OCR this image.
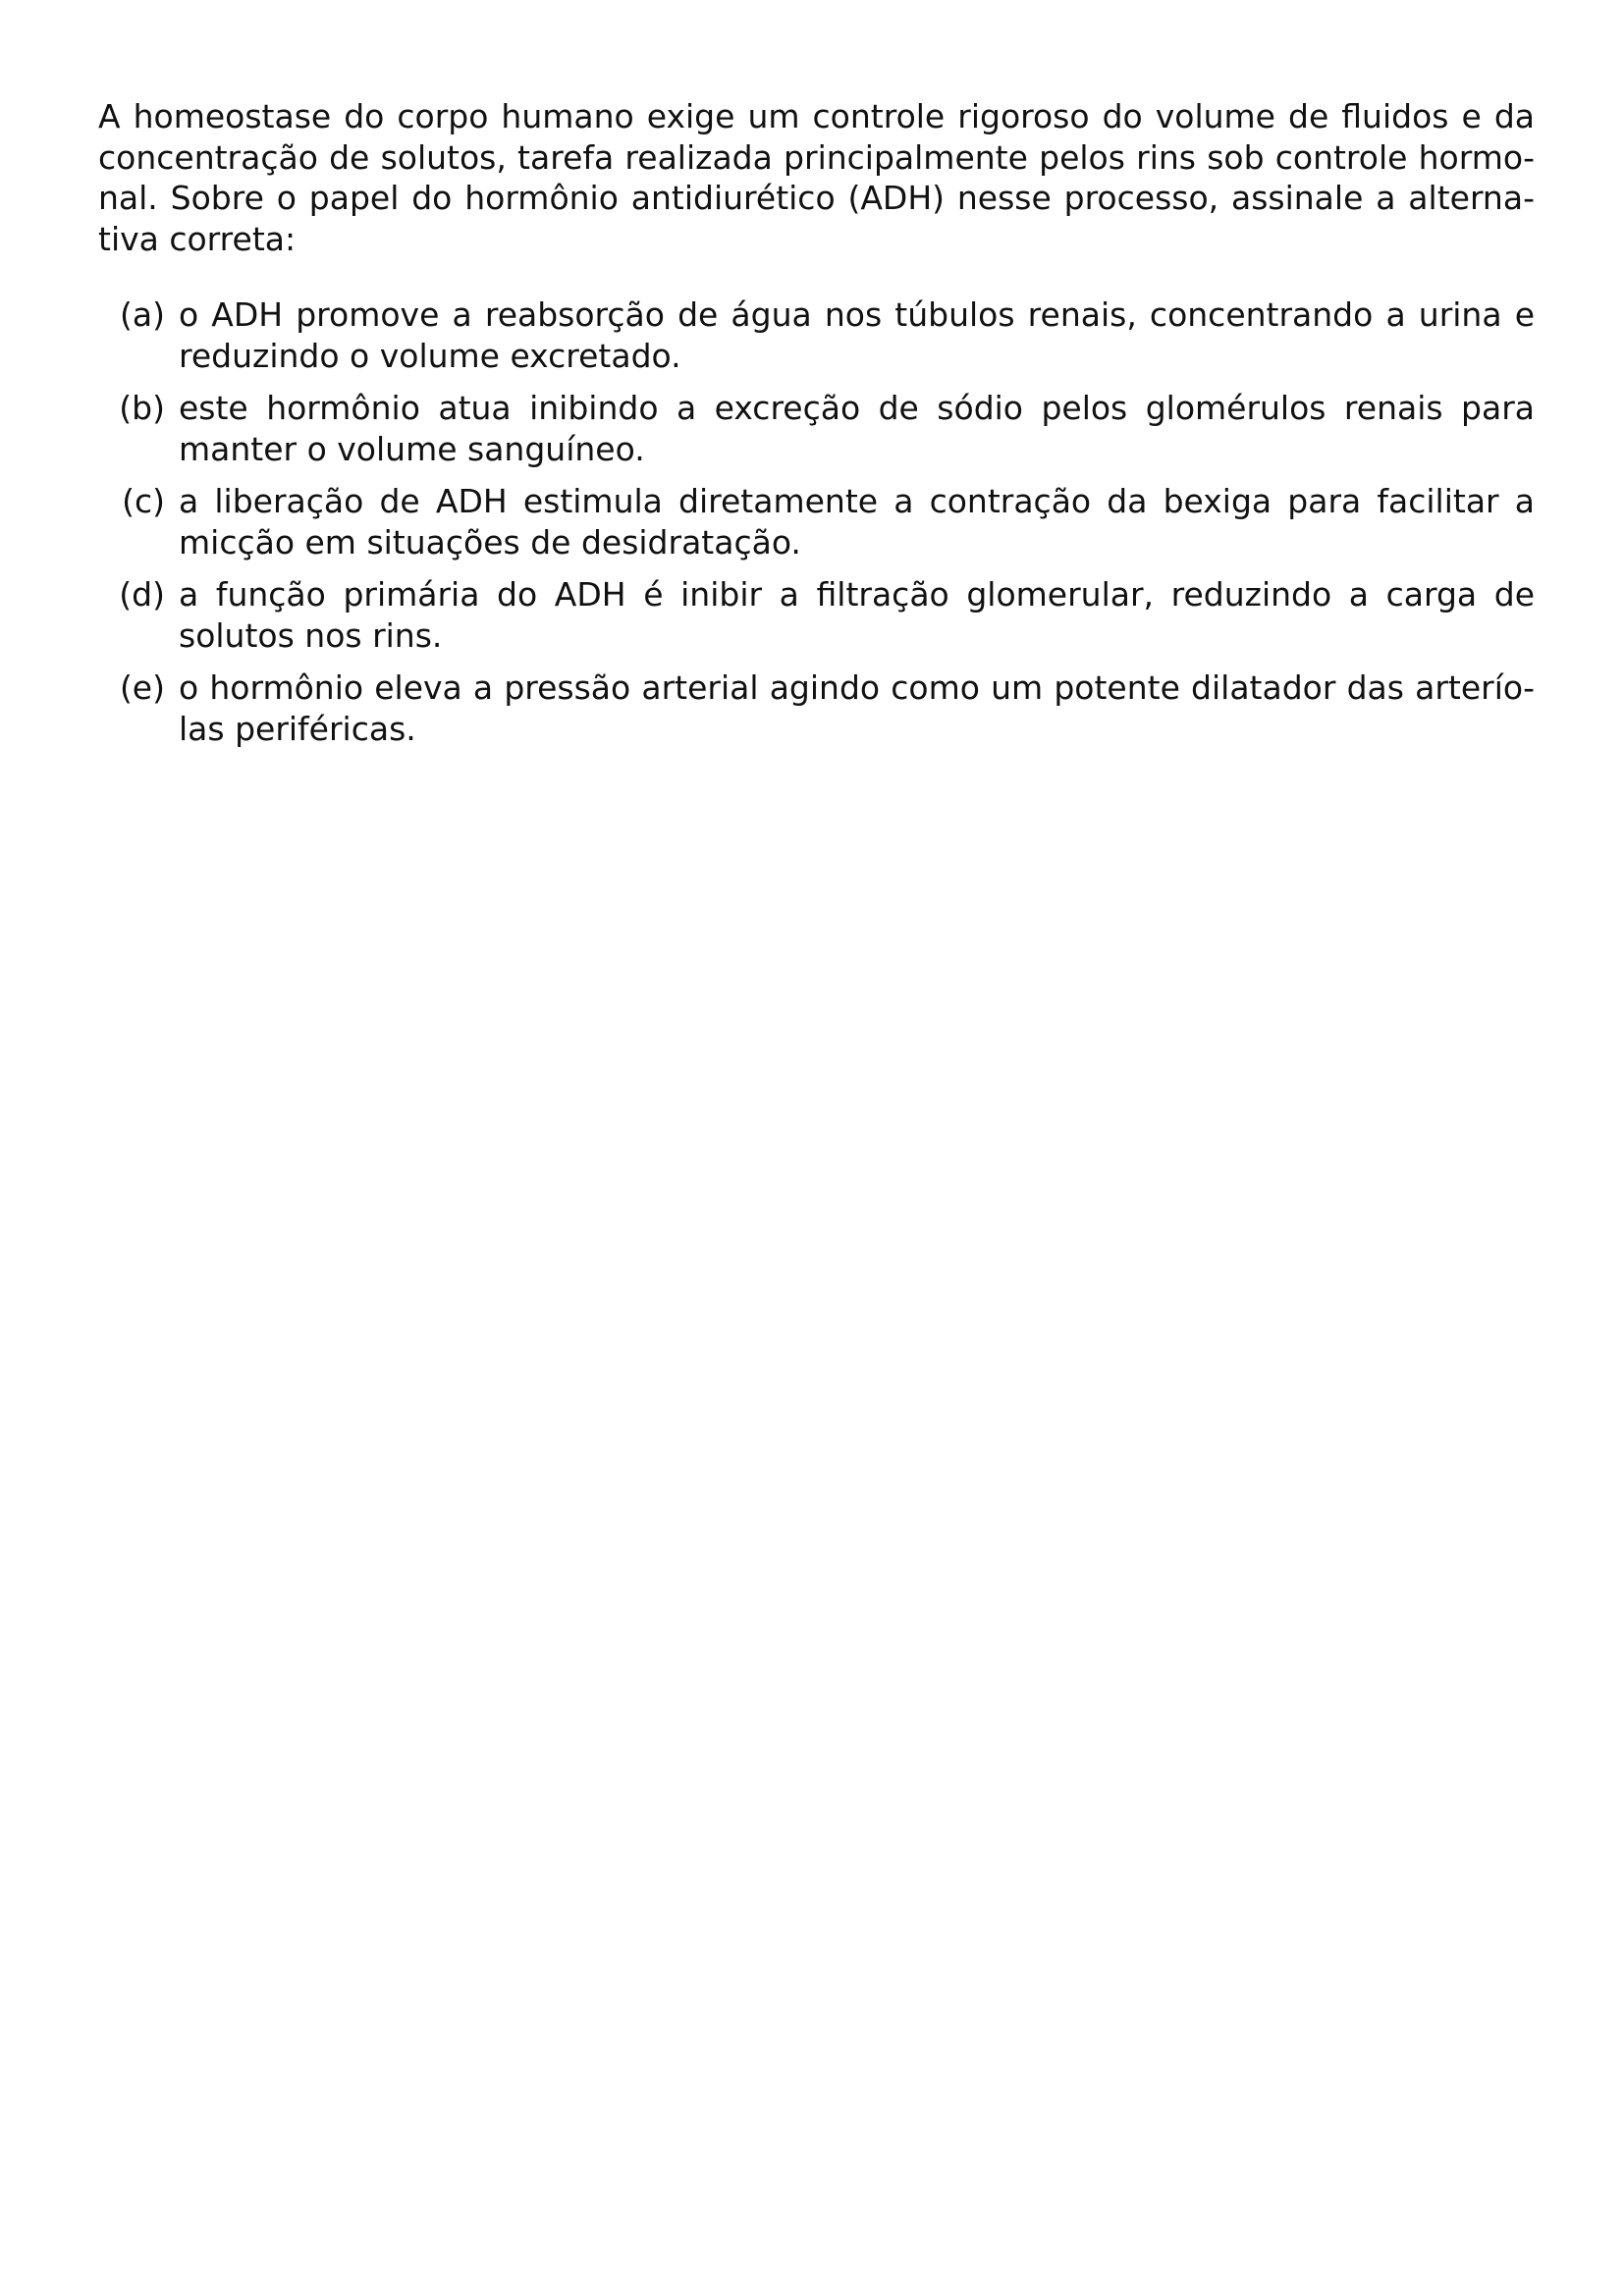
A homeostase do corpo humano exige um controle rigoroso do volume de fluidos e da concentração de solutos, tarefa realizada principalmente pelos rins sob controle hormonal. Sobre o papel do hormônio antidiurético (ADH) nesse processo, assinale a alternativa correta:

(a) o ADH promove a reabsorção de água nos túbulos renais, concentrando a urina e reduzindo o volume excretado.
(b) este hormônio atua inibindo a excreção de sódio pelos glomérulos renais para manter o volume sanguíneo.
(c) a liberação de ADH estimula diretamente a contração da bexiga para facilitar a micção em situações de desidratação.
(d) a função primária do ADH é inibir a filtração glomerular, reduzindo a carga de solutos nos rins.
(e) o hormônio eleva a pressão arterial agindo como um potente dilatador das arteríolas periféricas.
